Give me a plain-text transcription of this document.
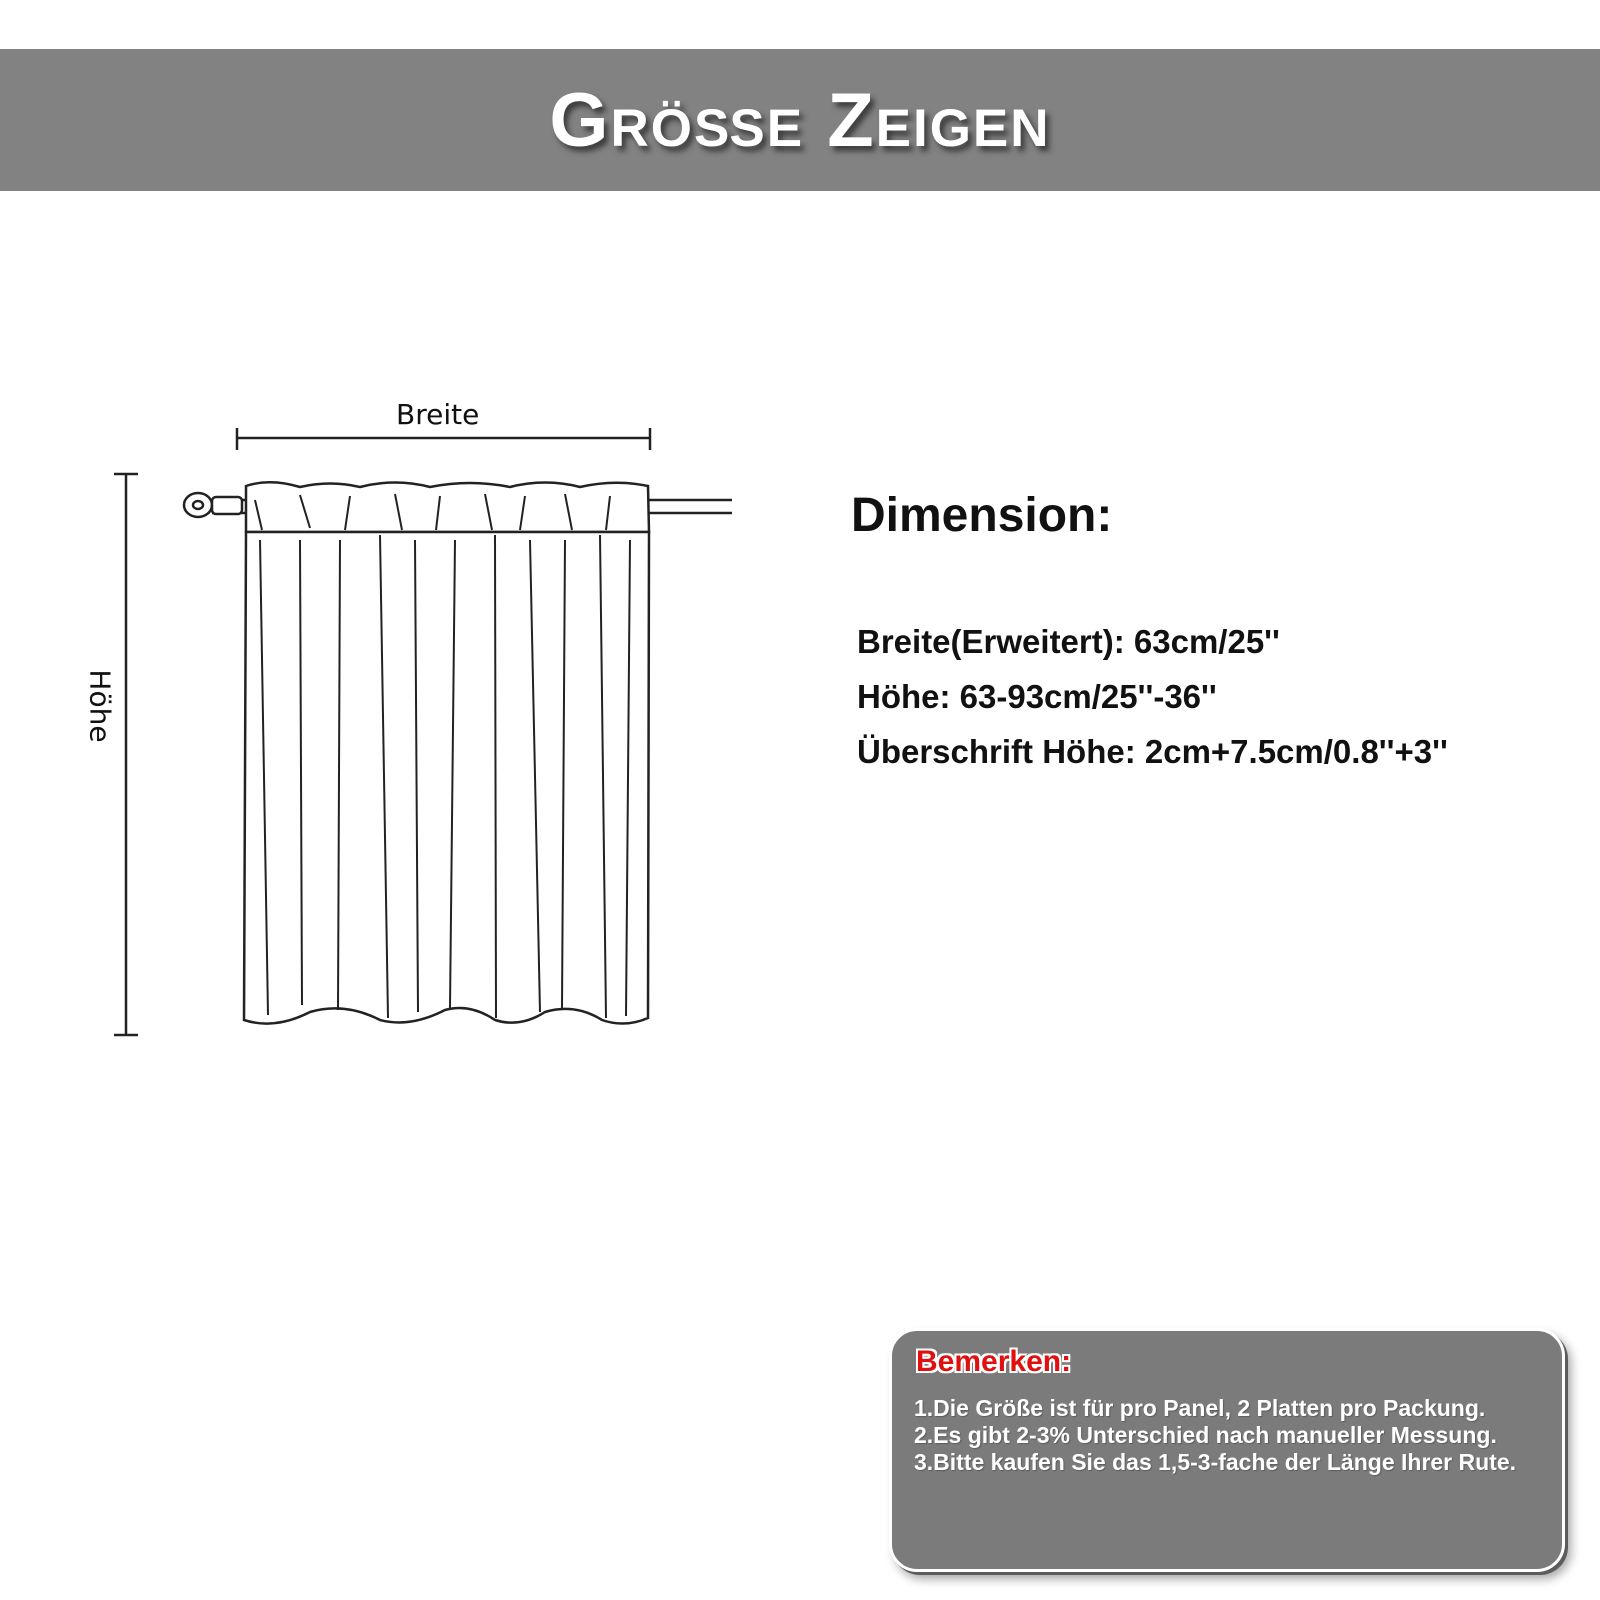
Größe Zeigen
Breite
Höhe
Dimension:
Breite(Erweitert): 63cm/25''
Höhe: 63-93cm/25''-36''
Überschrift Höhe: 2cm+7.5cm/0.8''+3''
Bemerken:
1.Die Größe ist für pro Panel, 2 Platten pro Packung.
2.Es gibt 2-3% Unterschied nach manueller Messung.
3.Bitte kaufen Sie das 1,5-3-fache der Länge Ihrer Rute.
